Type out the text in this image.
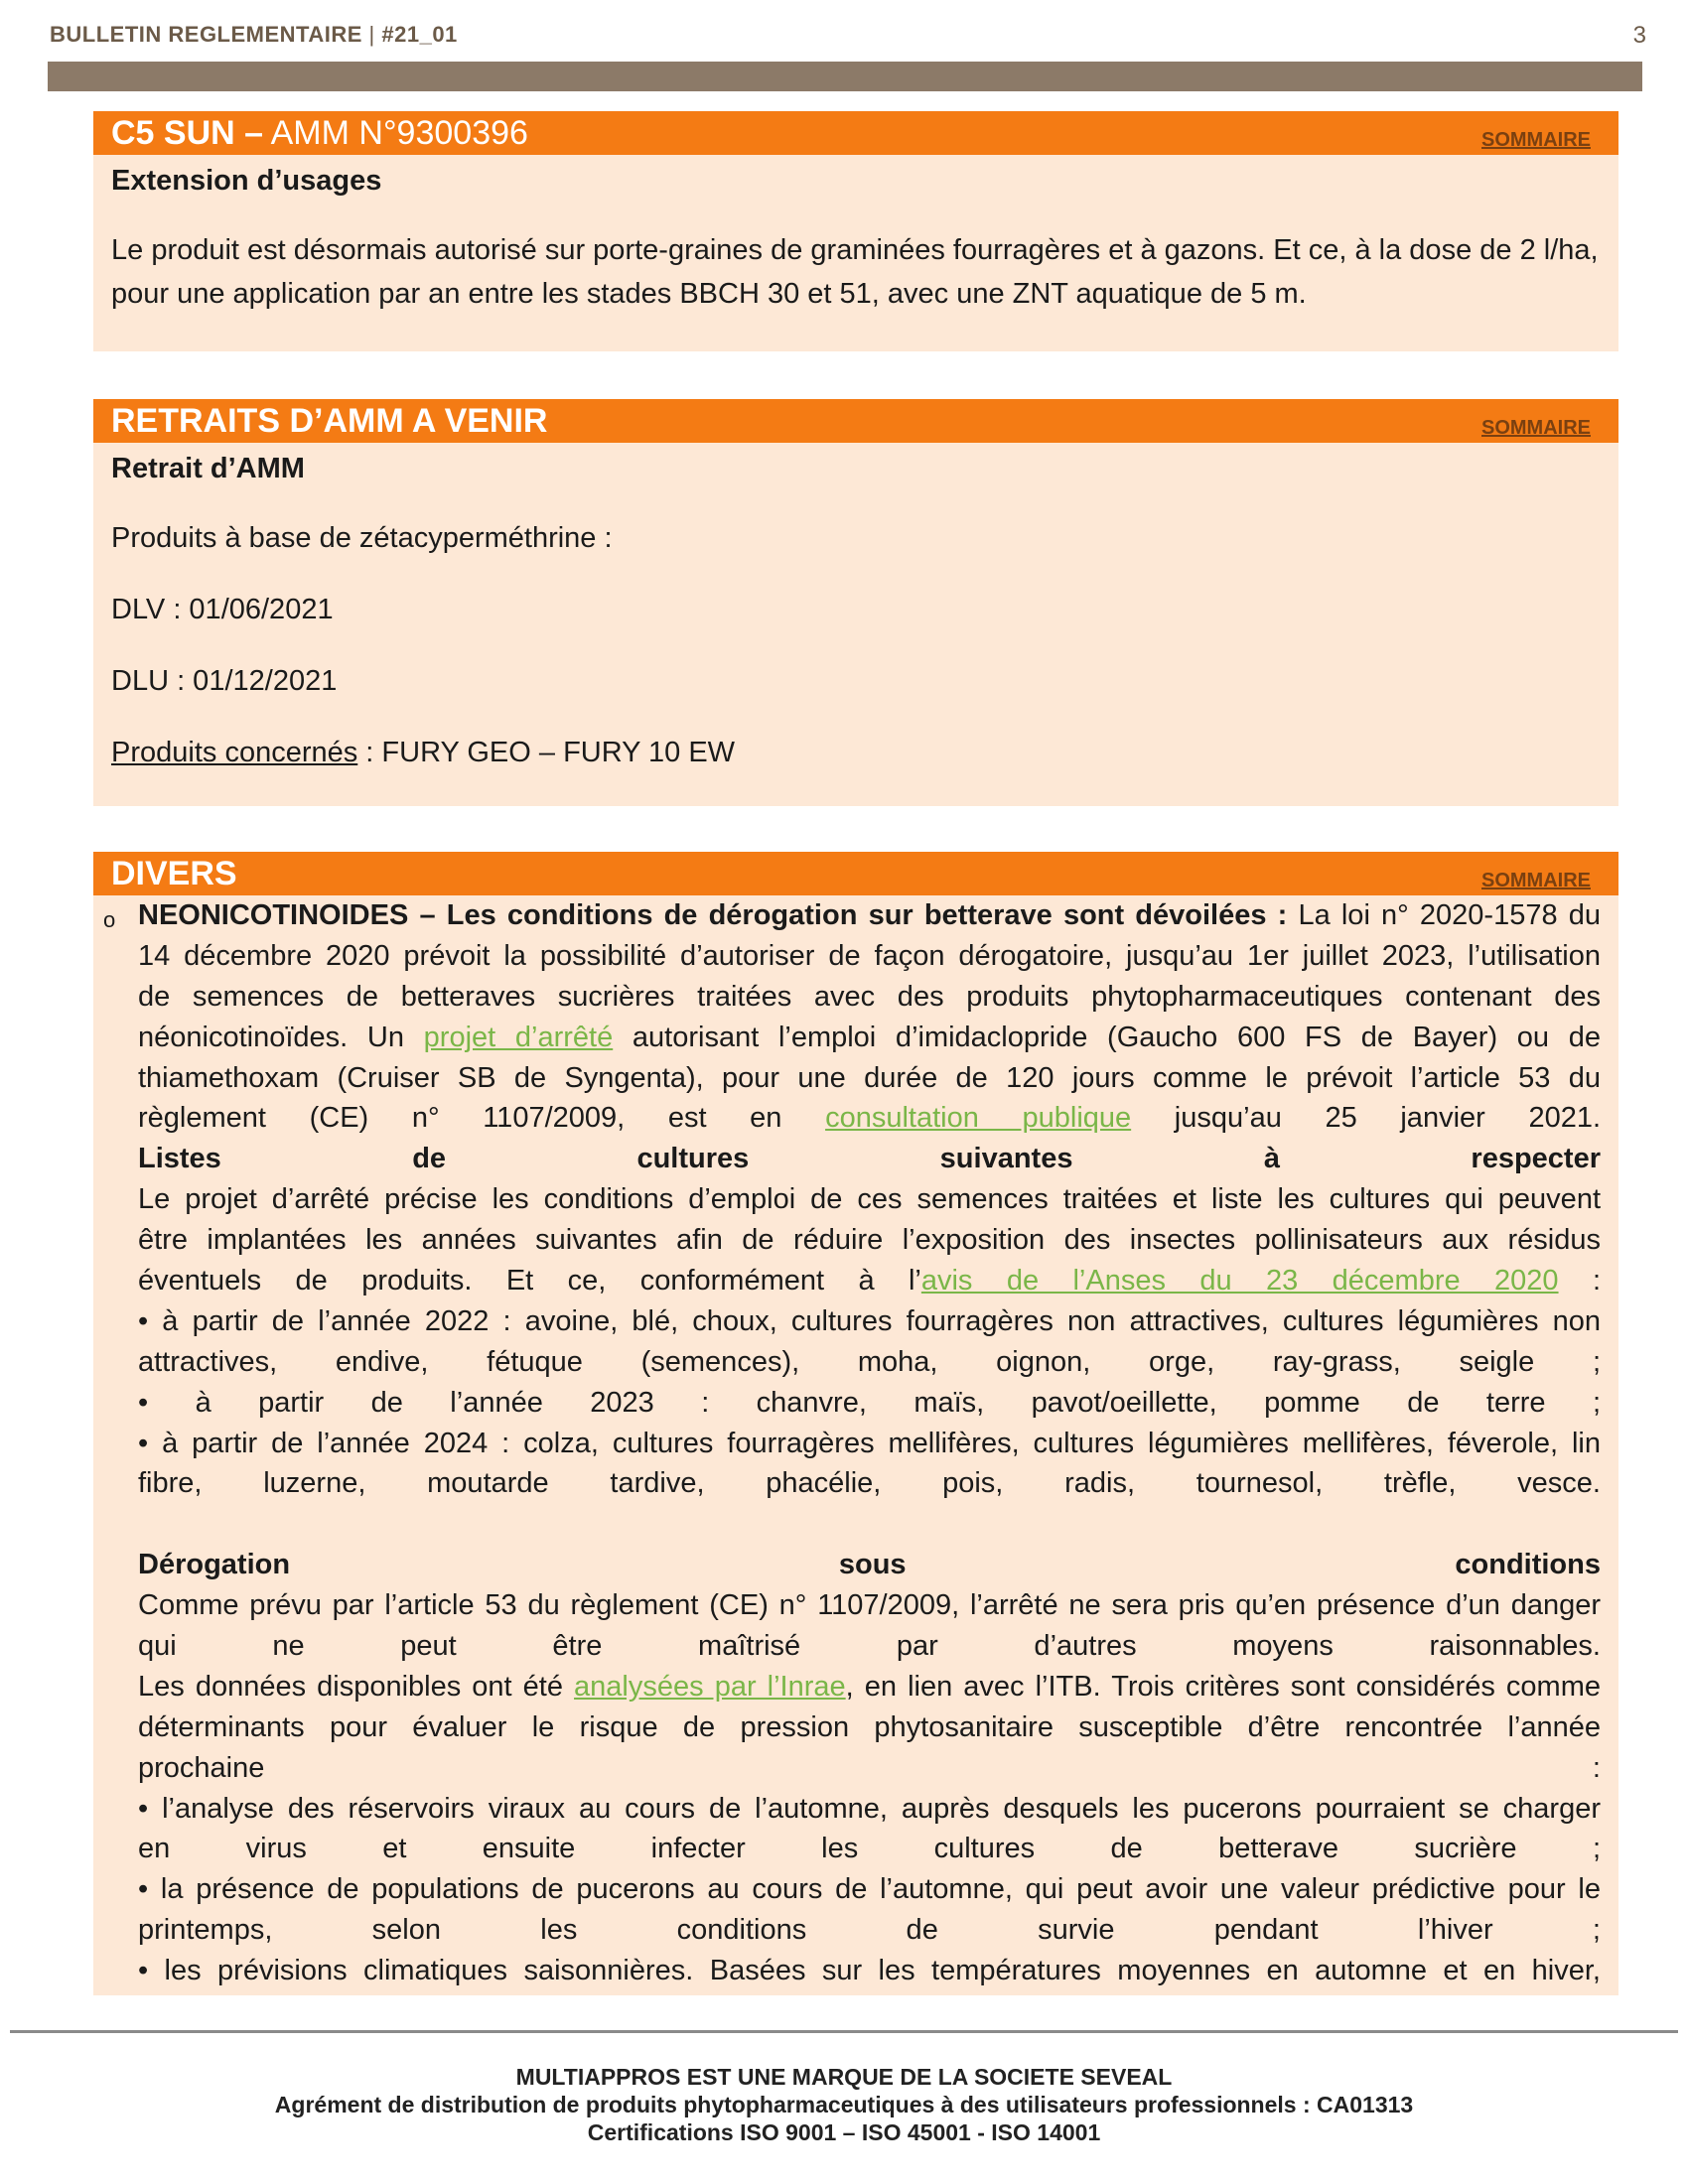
BULLETIN REGLEMENTAIRE | #21_01	3
C5 SUN – AMM N°9300396	SOMMAIRE
Extension d’usages

Le produit est désormais autorisé sur porte-graines de graminées fourragères et à gazons. Et ce, à la dose de 2 l/ha, pour une application par an entre les stades BBCH 30 et 51, avec une ZNT aquatique de 5 m.

RETRAITS D’AMM A VENIR	SOMMAIRE
Retrait d’AMM

Produits à base de zétacyperméthrine :

DLV : 01/06/2021

DLU : 01/12/2021

Produits concernés : FURY GEO – FURY 10 EW

DIVERS	SOMMAIRE
o NEONICOTINOIDES – Les conditions de dérogation sur betterave sont dévoilées : La loi n° 2020-1578 du
14 décembre 2020 prévoit la possibilité d’autoriser de façon dérogatoire, jusqu’au 1er juillet 2023, l’utilisation
de semences de betteraves sucrières traitées avec des produits phytopharmaceutiques contenant des
néonicotinoïdes. Un projet d’arrêté autorisant l’emploi d’imidaclopride (Gaucho 600 FS de Bayer) ou de
thiamethoxam (Cruiser SB de Syngenta), pour une durée de 120 jours comme le prévoit l’article 53 du
règlement (CE) n° 1107/2009, est en consultation publique jusqu’au 25 janvier 2021.
Listes de cultures suivantes à respecter
Le projet d’arrêté précise les conditions d’emploi de ces semences traitées et liste les cultures qui peuvent
être implantées les années suivantes afin de réduire l’exposition des insectes pollinisateurs aux résidus
éventuels de produits. Et ce, conformément à l’avis de l’Anses du 23 décembre 2020 :
• à partir de l’année 2022 : avoine, blé, choux, cultures fourragères non attractives, cultures légumières non
attractives, endive, fétuque (semences), moha, oignon, orge, ray-grass, seigle ;
• à partir de l’année 2023 : chanvre, maïs, pavot/oeillette, pomme de terre ;
• à partir de l’année 2024 : colza, cultures fourragères mellifères, cultures légumières mellifères, féverole, lin
fibre, luzerne, moutarde tardive, phacélie, pois, radis, tournesol, trèfle, vesce.
Dérogation sous conditions
Comme prévu par l’article 53 du règlement (CE) n° 1107/2009, l’arrêté ne sera pris qu’en présence d’un danger
qui ne peut être maîtrisé par d’autres moyens raisonnables.
Les données disponibles ont été analysées par l’Inrae, en lien avec l’ITB. Trois critères sont considérés comme
déterminants pour évaluer le risque de pression phytosanitaire susceptible d’être rencontrée l’année
prochaine :
• l’analyse des réservoirs viraux au cours de l’automne, auprès desquels les pucerons pourraient se charger
en virus et ensuite infecter les cultures de betterave sucrière ;
• la présence de populations de pucerons au cours de l’automne, qui peut avoir une valeur prédictive pour le
printemps, selon les conditions de survie pendant l’hiver ;
• les prévisions climatiques saisonnières. Basées sur les températures moyennes en automne et en hiver,
MULTIAPPROS EST UNE MARQUE DE LA SOCIETE SEVEAL
Agrément de distribution de produits phytopharmaceutiques à des utilisateurs professionnels : CA01313
Certifications ISO 9001 – ISO 45001 - ISO 14001
